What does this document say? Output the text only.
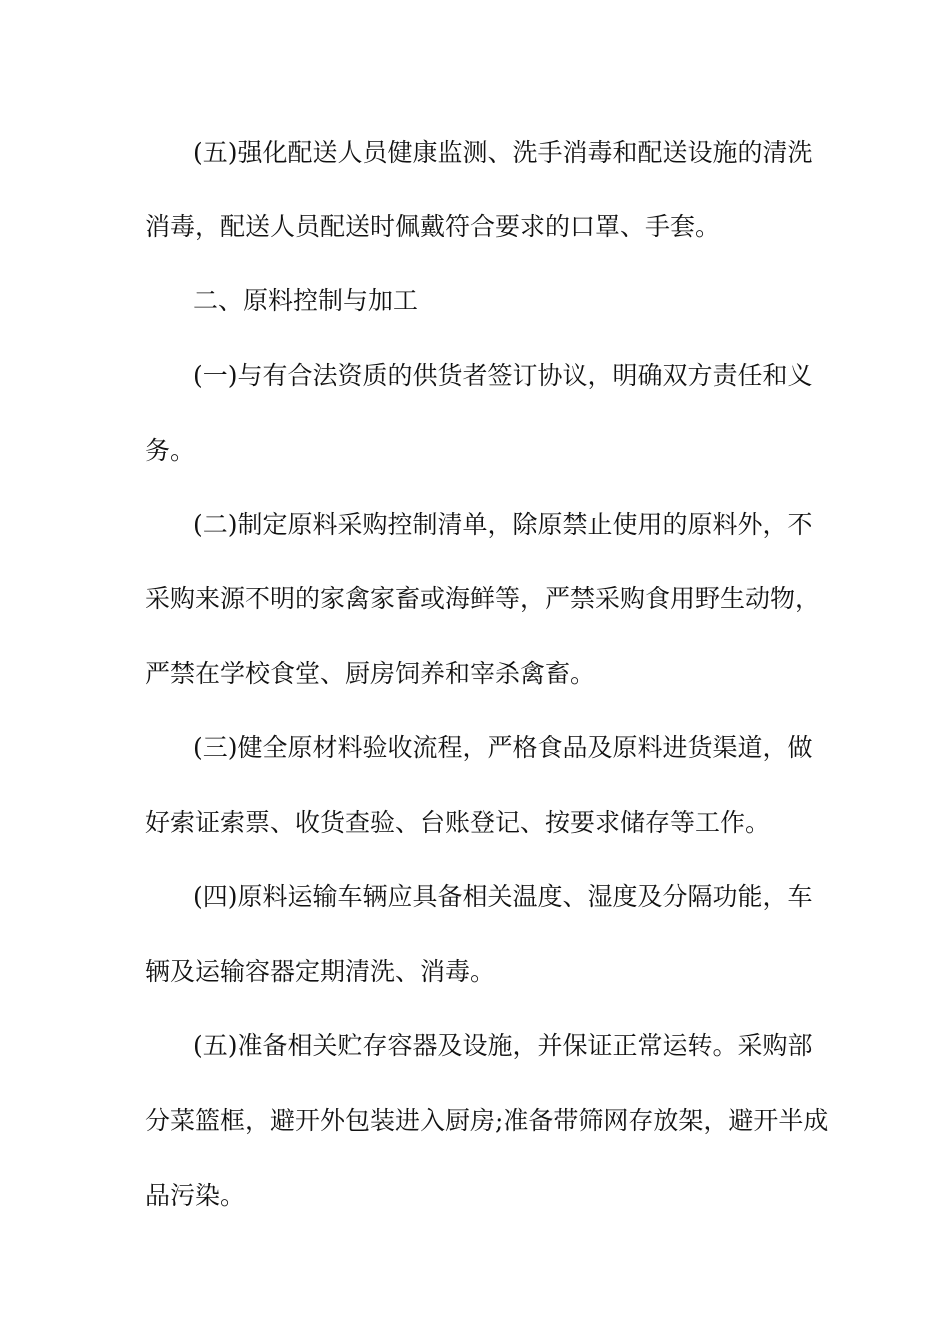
(五)强化配送人员健康监测、洗手消毒和配送设施的清洗
消毒，配送人员配送时佩戴符合要求的口罩、手套。
二、原料控制与加工
(一)与有合法资质的供货者签订协议，明确双方责任和义
务。
(二)制定原料采购控制清单，除原禁止使用的原料外，不
采购来源不明的家禽家畜或海鲜等，严禁采购食用野生动物，
严禁在学校食堂、厨房饲养和宰杀禽畜。
(三)健全原材料验收流程，严格食品及原料进货渠道，做
好索证索票、收货查验、台账登记、按要求储存等工作。
(四)原料运输车辆应具备相关温度、湿度及分隔功能，车
辆及运输容器定期清洗、消毒。
(五)准备相关贮存容器及设施，并保证正常运转。采购部
分菜篮框，避开外包装进入厨房;准备带筛网存放架，避开半成
品污染。
